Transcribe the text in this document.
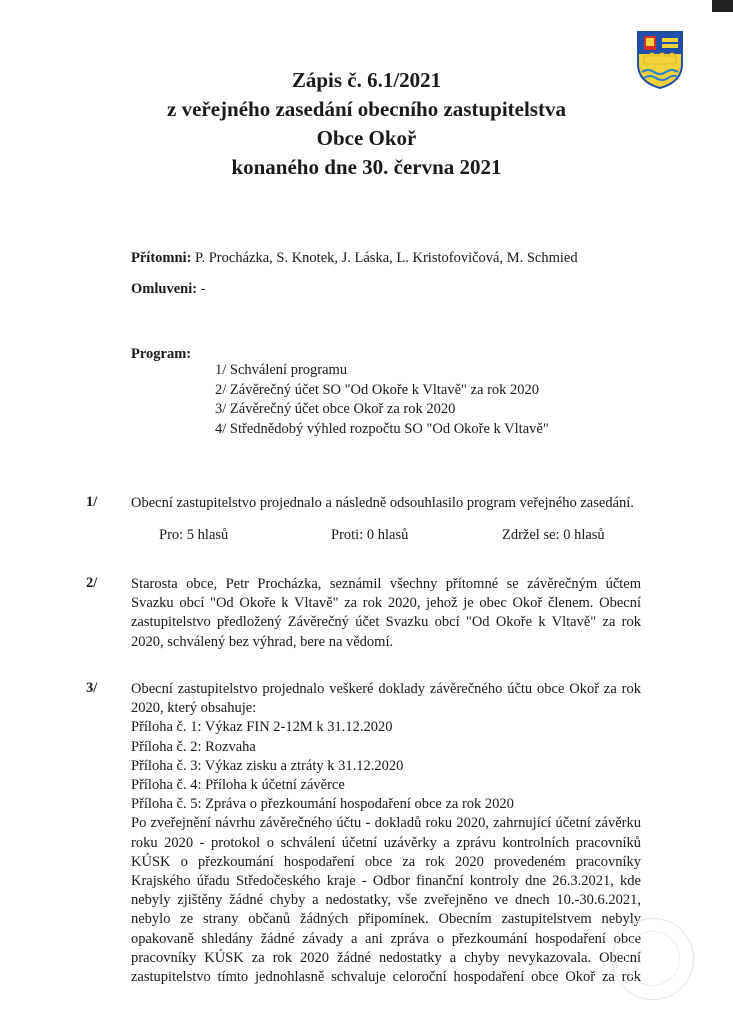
Zápis č. 6.1/2021
z veřejného zasedání obecního zastupitelstva
Obce Okoř
konaného dne 30. června 2021
Přítomni: P. Procházka, S. Knotek, J. Láska, L. Kristofovičová, M. Schmied
Omluveni: -
Program:
1/ Schválení programu
2/ Závěrečný účet SO "Od Okoře k Vltavě" za rok 2020
3/ Závěrečný účet obce Okoř za rok 2020
4/ Střednědobý výhled rozpočtu SO "Od Okoře k Vltavě"
1/ Obecní zastupitelstvo projednalo a následně odsouhlasilo program veřejného zasedání.
Pro: 5 hlasů	Proti: 0 hlasů	Zdržel se: 0 hlasů
2/ Starosta obce, Petr Procházka, seznámil všechny přítomné se závěrečným účtem Svazku obcí "Od Okoře k Vltavě" za rok 2020, jehož je obec Okoř členem. Obecní zastupitelstvo předložený Závěrečný účet Svazku obcí "Od Okoře k Vltavě" za rok 2020, schválený bez výhrad, bere na vědomí.
3/ Obecní zastupitelstvo projednalo veškeré doklady závěrečného účtu obce Okoř za rok 2020, který obsahuje:
Příloha č. 1: Výkaz FIN 2-12M k 31.12.2020
Příloha č. 2: Rozvaha
Příloha č. 3: Výkaz zisku a ztráty k 31.12.2020
Příloha č. 4: Příloha k účetní závěrce
Příloha č. 5: Zpráva o přezkoumání hospodaření obce za rok 2020
Po zveřejnění návrhu závěrečného účtu - dokladů roku 2020, zahrnující účetní závěrku roku 2020 - protokol o schválení účetní uzávěrky a zprávu kontrolních pracovníků KÚSK o přezkoumání hospodaření obce za rok 2020 provedeném pracovníky Krajského úřadu Středočeského kraje - Odbor finanční kontroly dne 26.3.2021, kde nebyly zjištěny žádné chyby a nedostatky, vše zveřejněno ve dnech 10.-30.6.2021, nebylo ze strany občanů žádných připomínek. Obecním zastupitelstvem nebyly opakovaně shledány žádné závady a ani zpráva o přezkoumání hospodaření obce pracovníky KÚSK za rok 2020 žádné nedostatky a chyby nevykazovala. Obecní zastupitelstvo tímto jednohlasně schvaluje celoroční hospodaření obce Okoř za rok
